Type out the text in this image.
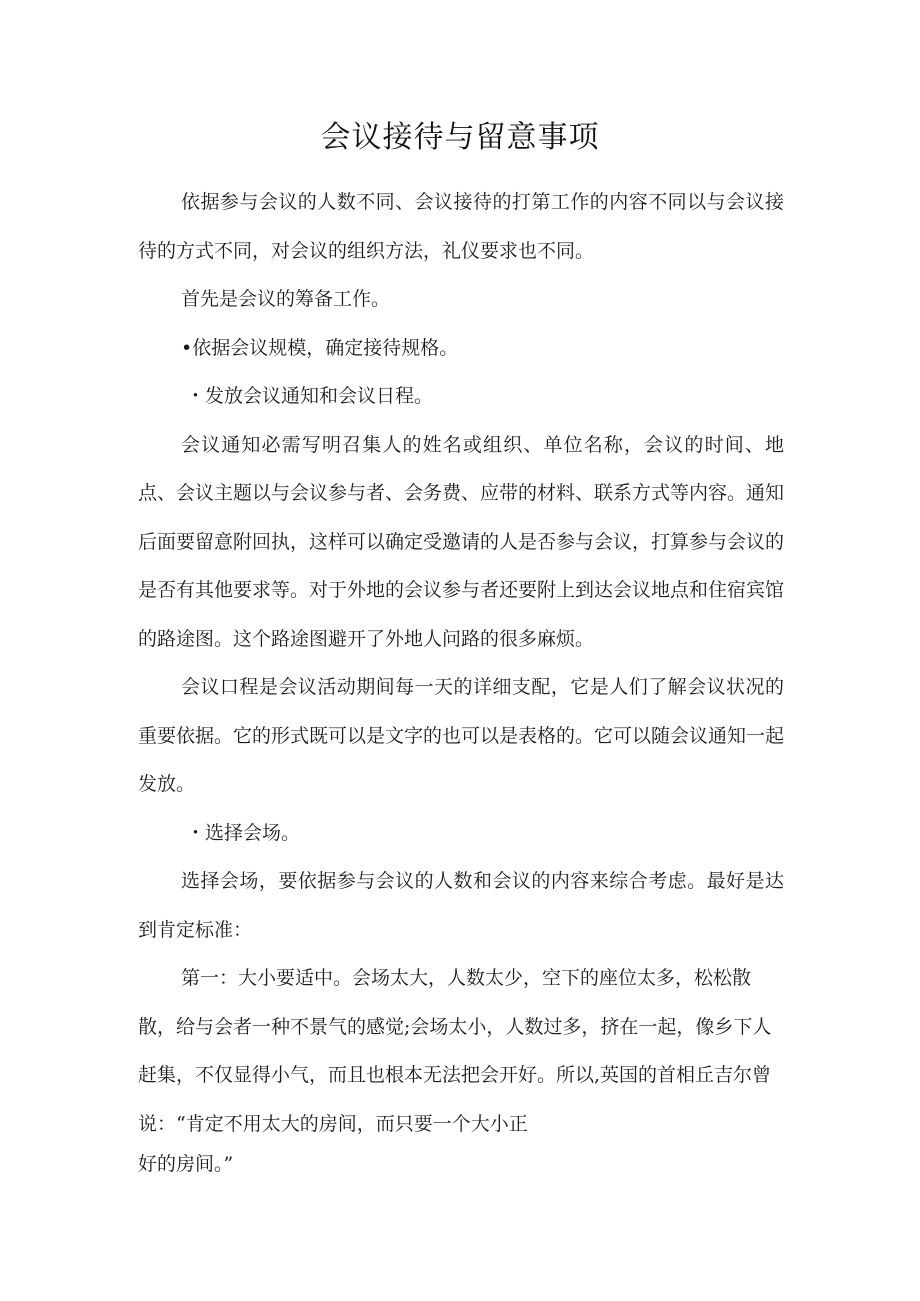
会议接待与留意事项

依据参与会议的人数不同、会议接待的打第工作的内容不同以与会议接待的方式不同，对会议的组织方法，礼仪要求也不同。

首先是会议的筹备工作。

•依据会议规模，确定接待规格。

・发放会议通知和会议日程。

会议通知必需写明召集人的姓名或组织、单位名称，会议的时间、地点、会议主题以与会议参与者、会务费、应带的材料、联系方式等内容。通知后面要留意附回执，这样可以确定受邀请的人是否参与会议，打算参与会议的是否有其他要求等。对于外地的会议参与者还要附上到达会议地点和住宿宾馆的路途图。这个路途图避开了外地人问路的很多麻烦。

会议口程是会议活动期间每一天的详细支配，它是人们了解会议状况的重要依据。它的形式既可以是文字的也可以是表格的。它可以随会议通知一起发放。

・选择会场。

选择会场，要依据参与会议的人数和会议的内容来综合考虑。最好是达到肯定标准：

第一：大小要适中。会场太大，人数太少，空下的座位太多，松松散散，给与会者一种不景气的感觉;会场太小，人数过多，挤在一起，像乡下人赶集，不仅显得小气，而且也根本无法把会开好。所以,英国的首相丘吉尔曾说：“肯定不用太大的房间，而只要一个大小正

好的房间。”
